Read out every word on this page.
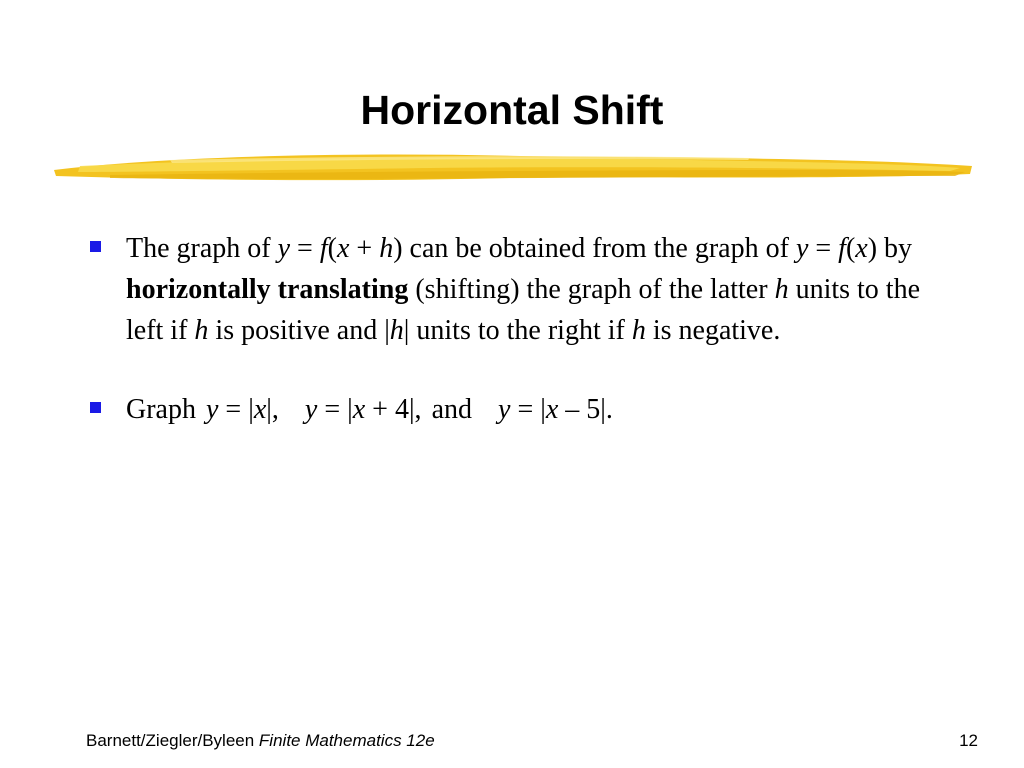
Horizontal Shift
The graph of y = f(x + h) can be obtained from the graph of y = f(x) by horizontally translating (shifting) the graph of the latter h units to the left if h is positive and |h| units to the right if h is negative.
Graph y = |x|, y = |x + 4|, and y = |x – 5|.
Barnett/Ziegler/Byleen Finite Mathematics 12e	12
